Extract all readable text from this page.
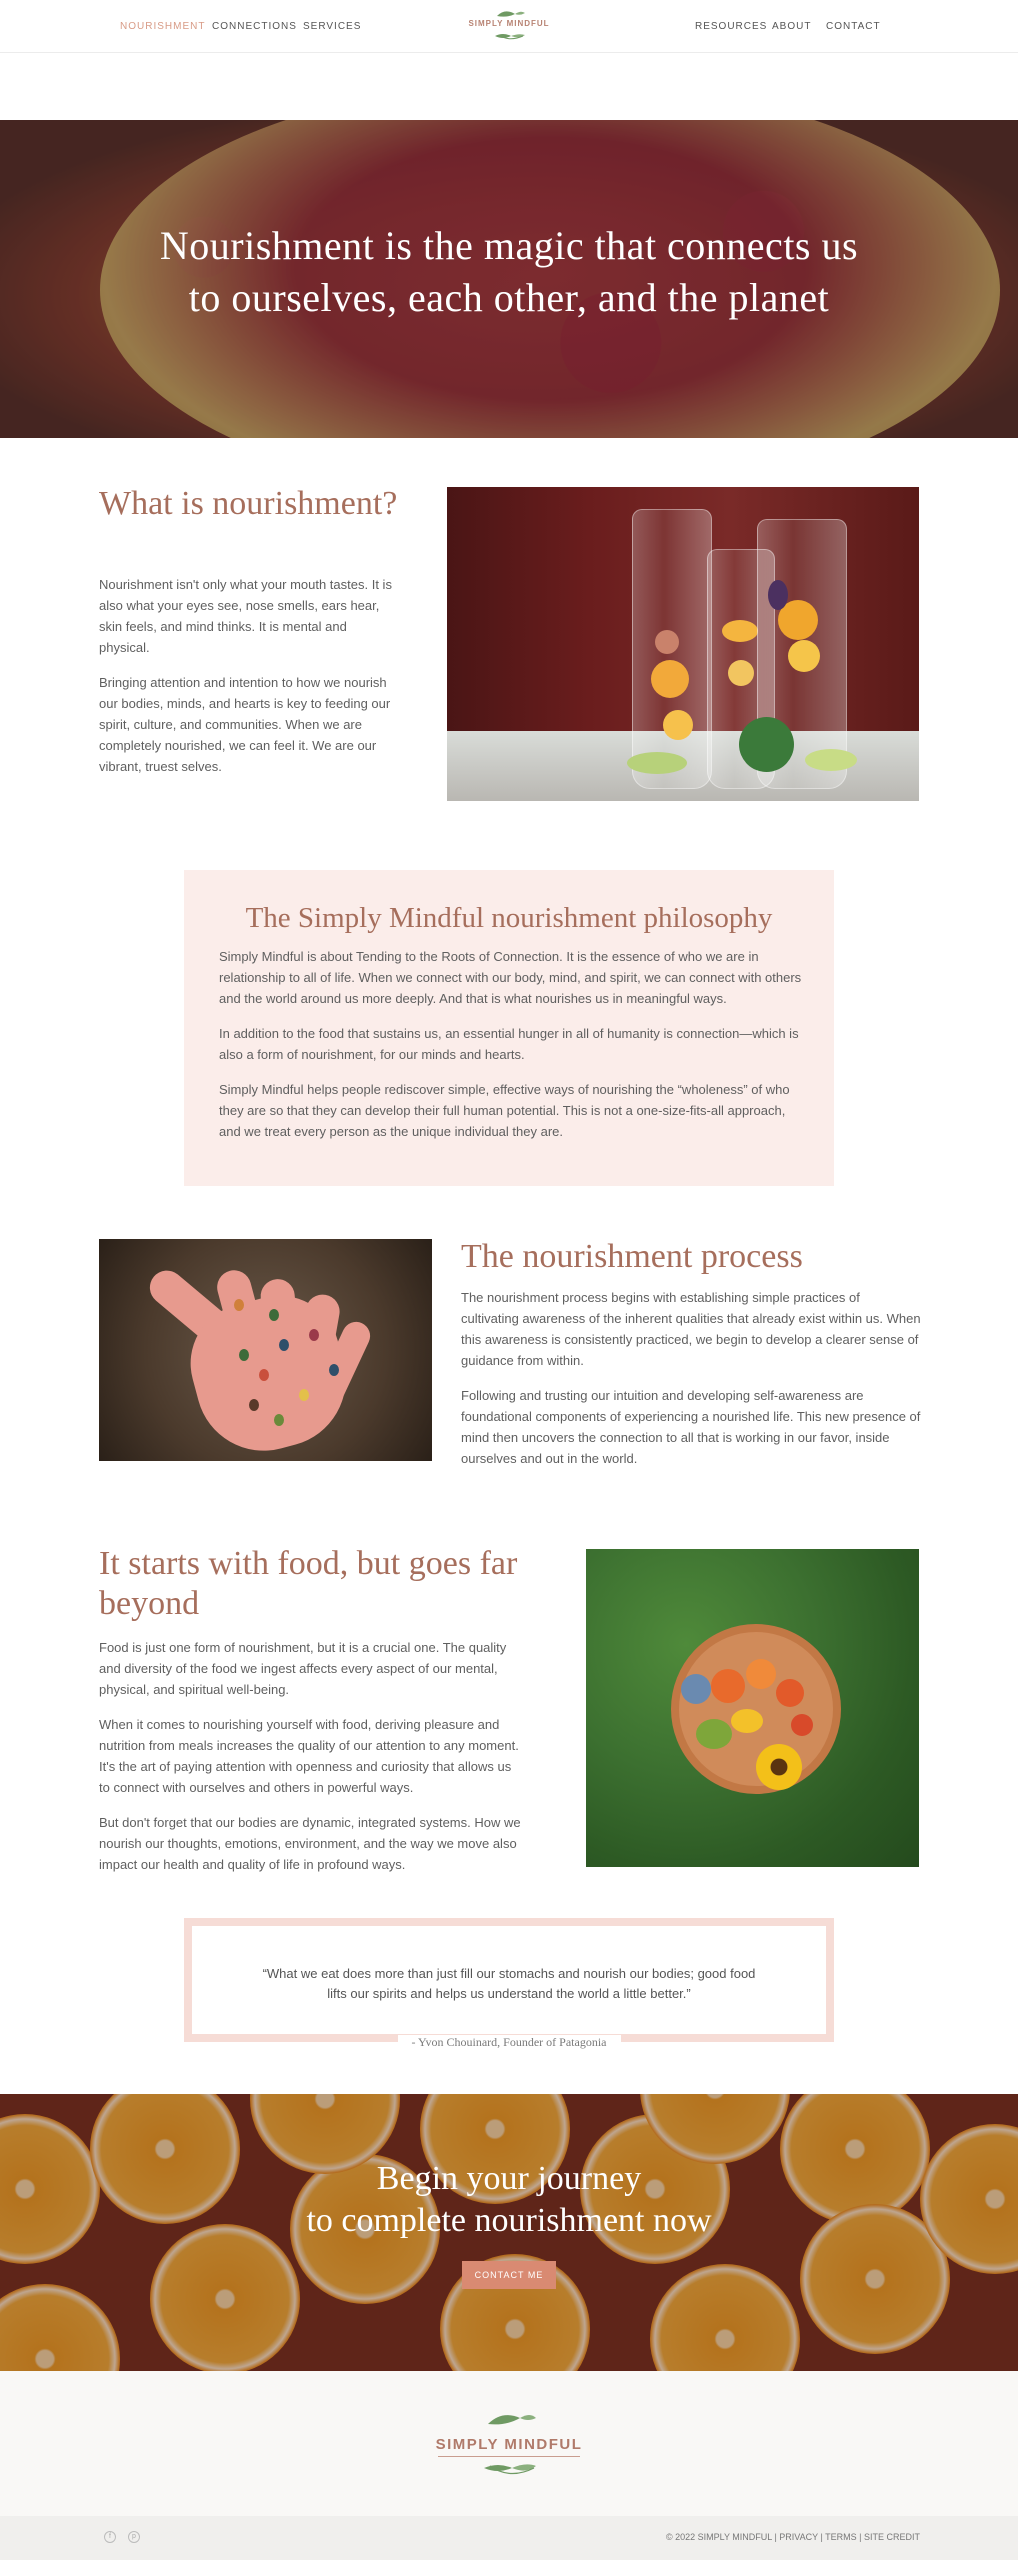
NOURISHMENT CONNECTIONS SERVICES	SIMPLY MINDFUL	RESOURCES ABOUT CONTACT
Nourishment is the magic that connects us
to ourselves, each other, and the planet
What is nourishment?

Nourishment isn't only what your mouth tastes. It is also what your eyes see, nose smells, ears hear, skin feels, and mind thinks. It is mental and physical.

Bringing attention and intention to how we nourish our bodies, minds, and hearts is key to feeding our spirit, culture, and communities. When we are completely nourished, we can feel it. We are our vibrant, truest selves.

The Simply Mindful nourishment philosophy

Simply Mindful is about Tending to the Roots of Connection. It is the essence of who we are in relationship to all of life. When we connect with our body, mind, and spirit, we can connect with others and the world around us more deeply. And that is what nourishes us in meaningful ways.

In addition to the food that sustains us, an essential hunger in all of humanity is connection—which is also a form of nourishment, for our minds and hearts.

Simply Mindful helps people rediscover simple, effective ways of nourishing the “wholeness” of who they are so that they can develop their full human potential. This is not a one-size-fits-all approach, and we treat every person as the unique individual they are.

The nourishment process

The nourishment process begins with establishing simple practices of cultivating awareness of the inherent qualities that already exist within us. When this awareness is consistently practiced, we begin to develop a clearer sense of guidance from within.

Following and trusting our intuition and developing self-awareness are foundational components of experiencing a nourished life. This new presence of mind then uncovers the connection to all that is working in our favor, inside ourselves and out in the world.

It starts with food, but goes far beyond

Food is just one form of nourishment, but it is a crucial one. The quality and diversity of the food we ingest affects every aspect of our mental, physical, and spiritual well-being.

When it comes to nourishing yourself with food, deriving pleasure and nutrition from meals increases the quality of our attention to any moment. It's the art of paying attention with openness and curiosity that allows us to connect with ourselves and others in powerful ways.

But don't forget that our bodies are dynamic, integrated systems. How we nourish our thoughts, emotions, environment, and the way we move also impact our health and quality of life in profound ways.

“What we eat does more than just fill our stomachs and nourish our bodies; good food lifts our spirits and helps us understand the world a little better.”

- Yvon Chouinard, Founder of Patagonia
Begin your journey
to complete nourishment now
CONTACT ME
SIMPLY MINDFUL
f	p	© 2022 SIMPLY MINDFUL | PRIVACY | TERMS | SITE CREDIT
